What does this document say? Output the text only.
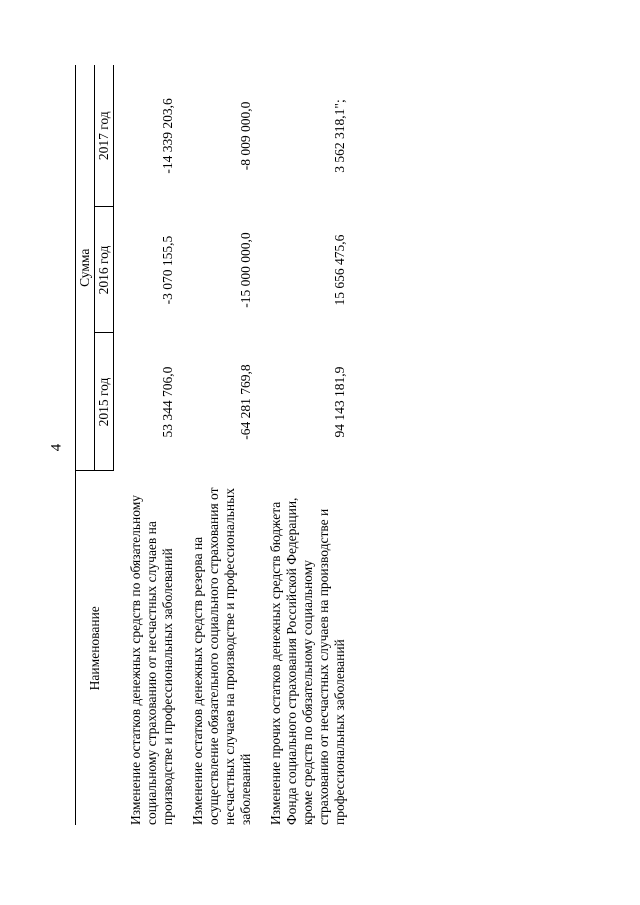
4
Наименование	Сумма		
	2015 год	2016 год	2017 год
Изменение остатков денежных средств по обязательному социальному страхованию от несчастных случаев на производстве и профессиональных заболеваний	53 344 706,0	-3 070 155,5	-14 339 203,6
Изменение остатков денежных средств резерва на осуществление обязательного социального страхования от несчастных случаев на производстве и профессиональных заболеваний	-64 281 769,8	-15 000 000,0	-8 009 000,0
Изменение прочих остатков денежных средств бюджета Фонда социального страхования Российской Федерации, кроме средств по обязательному социальному страхованию от несчастных случаев на производстве и профессиональных заболеваний	94 143 181,9	15 656 475,6	3 562 318,1";
